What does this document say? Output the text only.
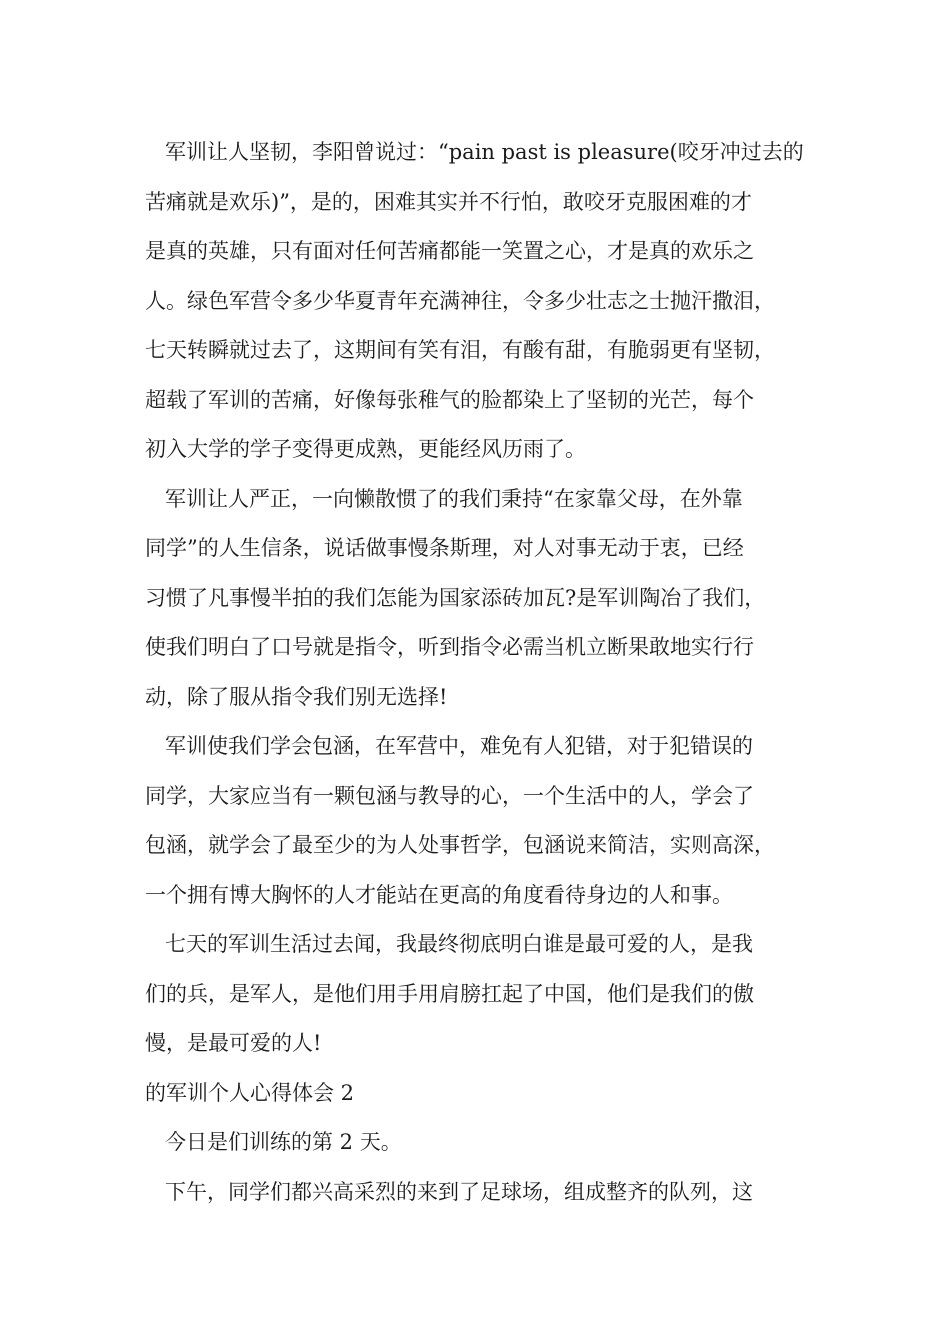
军训让人坚韧，李阳曾说过：“pain past is pleasure(咬牙冲过去的
苦痛就是欢乐)”，是的，困难其实并不行怕，敢咬牙克服困难的才
是真的英雄，只有面对任何苦痛都能一笑置之心，才是真的欢乐之
人。绿色军营令多少华夏青年充满神往，令多少壮志之士抛汗撒泪，
七天转瞬就过去了，这期间有笑有泪，有酸有甜，有脆弱更有坚韧，
超载了军训的苦痛，好像每张稚气的脸都染上了坚韧的光芒，每个
初入大学的学子变得更成熟，更能经风历雨了。
军训让人严正，一向懒散惯了的我们秉持“在家靠父母，在外靠
同学”的人生信条，说话做事慢条斯理，对人对事无动于衷，已经
习惯了凡事慢半拍的我们怎能为国家添砖加瓦?是军训陶冶了我们，
使我们明白了口号就是指令，听到指令必需当机立断果敢地实行行
动，除了服从指令我们别无选择!
军训使我们学会包涵，在军营中，难免有人犯错，对于犯错误的
同学，大家应当有一颗包涵与教导的心，一个生活中的人，学会了
包涵，就学会了最至少的为人处事哲学，包涵说来简洁，实则高深，
一个拥有博大胸怀的人才能站在更高的角度看待身边的人和事。
七天的军训生活过去闻，我最终彻底明白谁是最可爱的人，是我
们的兵，是军人，是他们用手用肩膀扛起了中国，他们是我们的傲
慢，是最可爱的人!
的军训个人心得体会 2
今日是们训练的第 2 天。
下午，同学们都兴高采烈的来到了足球场，组成整齐的队列，这
